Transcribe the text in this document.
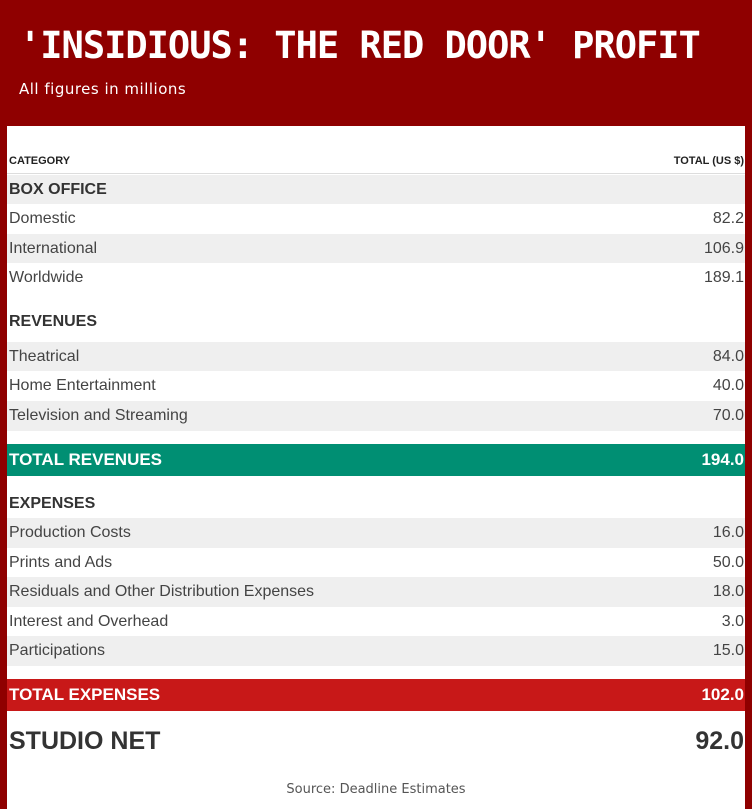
'INSIDIOUS: THE RED DOOR' PROFIT
All figures in millions
CATEGORY	TOTAL (US $)
BOX OFFICE
Domestic	82.2
International	106.9
Worldwide	189.1
REVENUES
Theatrical	84.0
Home Entertainment	40.0
Television and Streaming	70.0
TOTAL REVENUES	194.0
EXPENSES
Production Costs	16.0
Prints and Ads	50.0
Residuals and Other Distribution Expenses	18.0
Interest and Overhead	3.0
Participations	15.0
TOTAL EXPENSES	102.0
STUDIO NET	92.0
Source: Deadline Estimates
